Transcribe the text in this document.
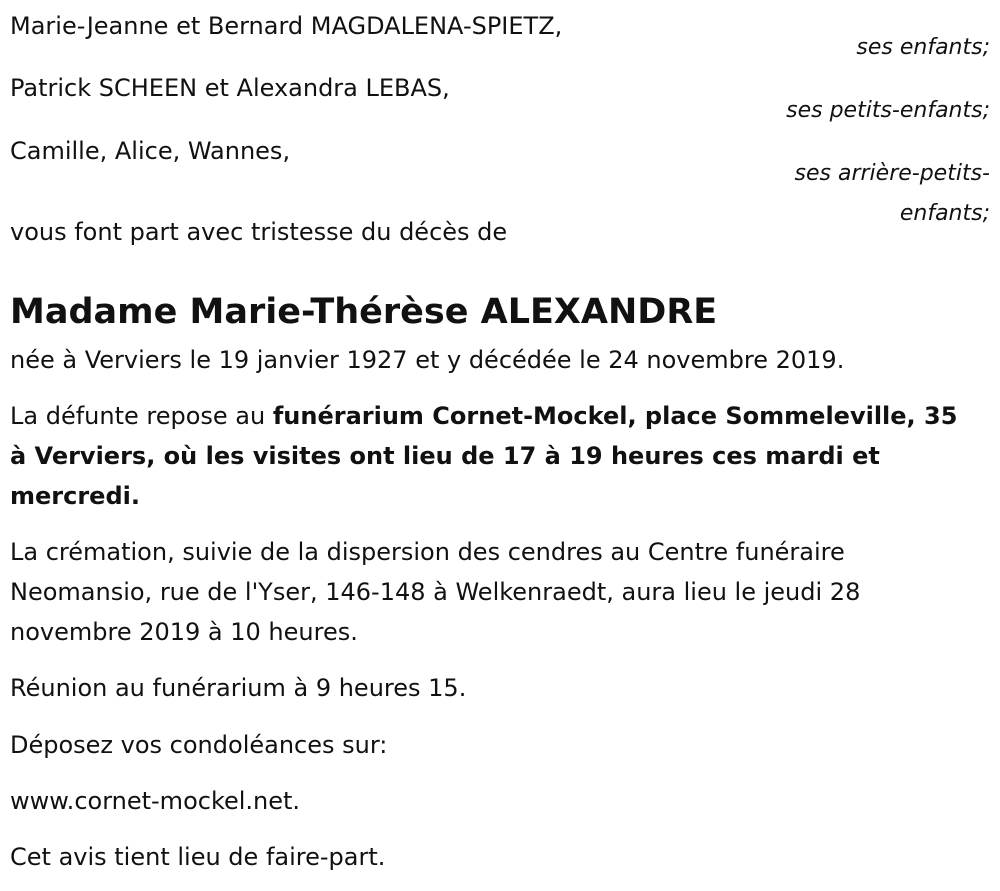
Marie-Jeanne et Bernard MAGDALENA-SPIETZ,
ses enfants;
Patrick SCHEEN et Alexandra LEBAS,
ses petits-enfants;
Camille, Alice, Wannes,
ses arrière-petits-
enfants;
vous font part avec tristesse du décès de
Madame Marie-Thérèse ALEXANDRE

née à Verviers le 19 janvier 1927 et y décédée le 24 novembre 2019.

La défunte repose au funérarium Cornet-Mockel, place Sommeleville, 35 à Verviers, où les visites ont lieu de 17 à 19 heures ces mardi et mercredi.

La crémation, suivie de la dispersion des cendres au Centre funéraire Neomansio, rue de l'Yser, 146-148 à Welkenraedt, aura lieu le jeudi 28 novembre 2019 à 10 heures.

Réunion au funérarium à 9 heures 15.

Déposez vos condoléances sur:

www.cornet-mockel.net.

Cet avis tient lieu de faire-part.
